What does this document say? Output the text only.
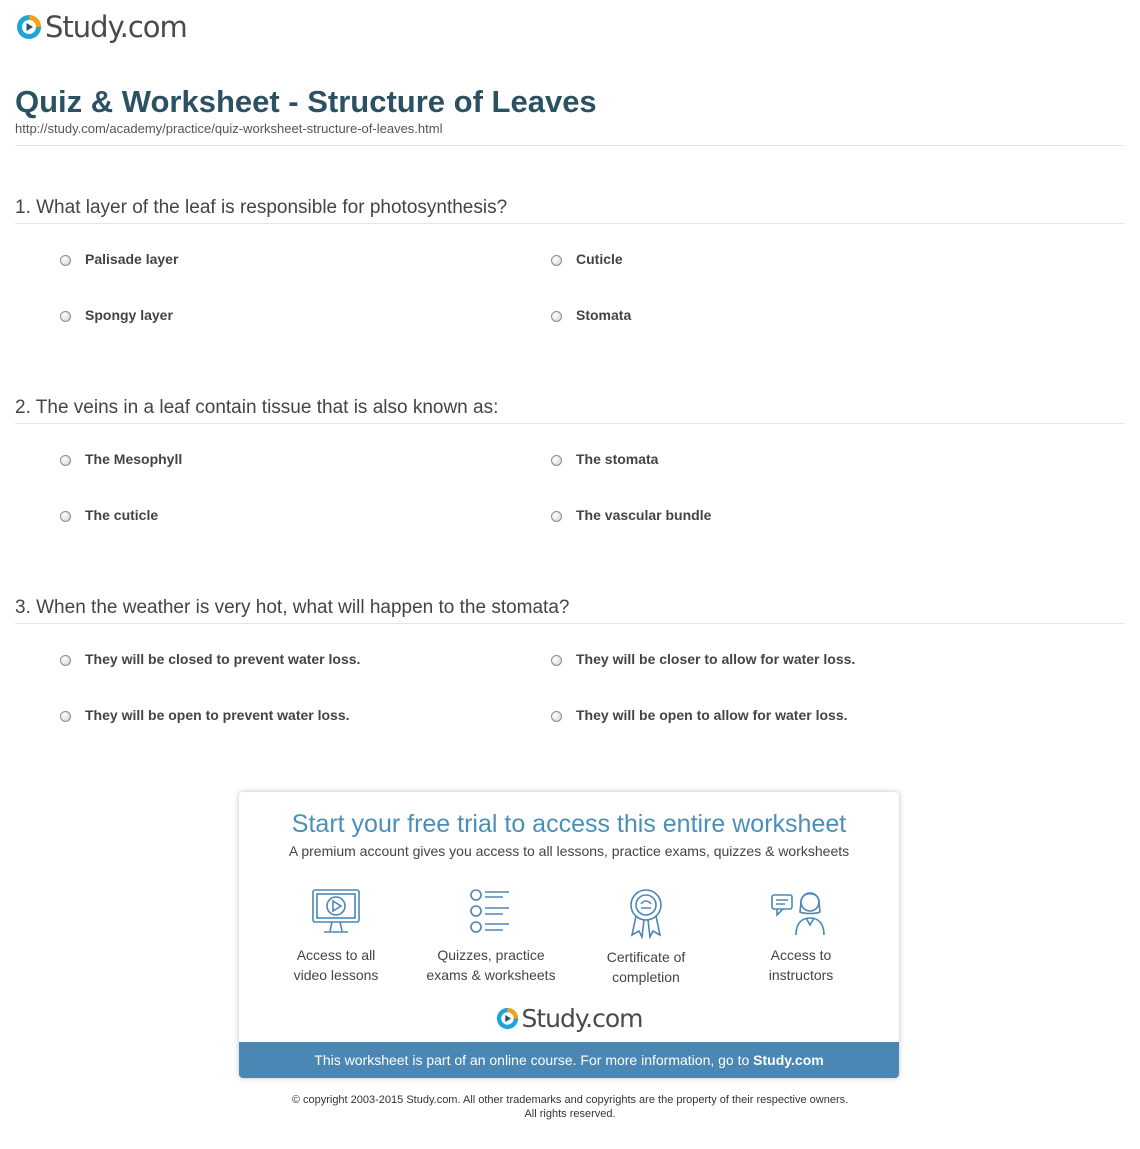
Study.com
Quiz & Worksheet - Structure of Leaves
http://study.com/academy/practice/quiz-worksheet-structure-of-leaves.html
1. What layer of the leaf is responsible for photosynthesis?
Palisade layer	Cuticle
Spongy layer	Stomata
2. The veins in a leaf contain tissue that is also known as:
The Mesophyll	The stomata
The cuticle	The vascular bundle
3. When the weather is very hot, what will happen to the stomata?
They will be closed to prevent water loss.	They will be closer to allow for water loss.
They will be open to prevent water loss.	They will be open to allow for water loss.
Start your free trial to access this entire worksheet
A premium account gives you access to all lessons, practice exams, quizzes & worksheets
Access to all
video lessons
Quizzes, practice
exams & worksheets
Certificate of
completion
Access to
instructors
Study.com
This worksheet is part of an online course. For more information, go to Study.com
© copyright 2003-2015 Study.com. All other trademarks and copyrights are the property of their respective owners.
All rights reserved.
